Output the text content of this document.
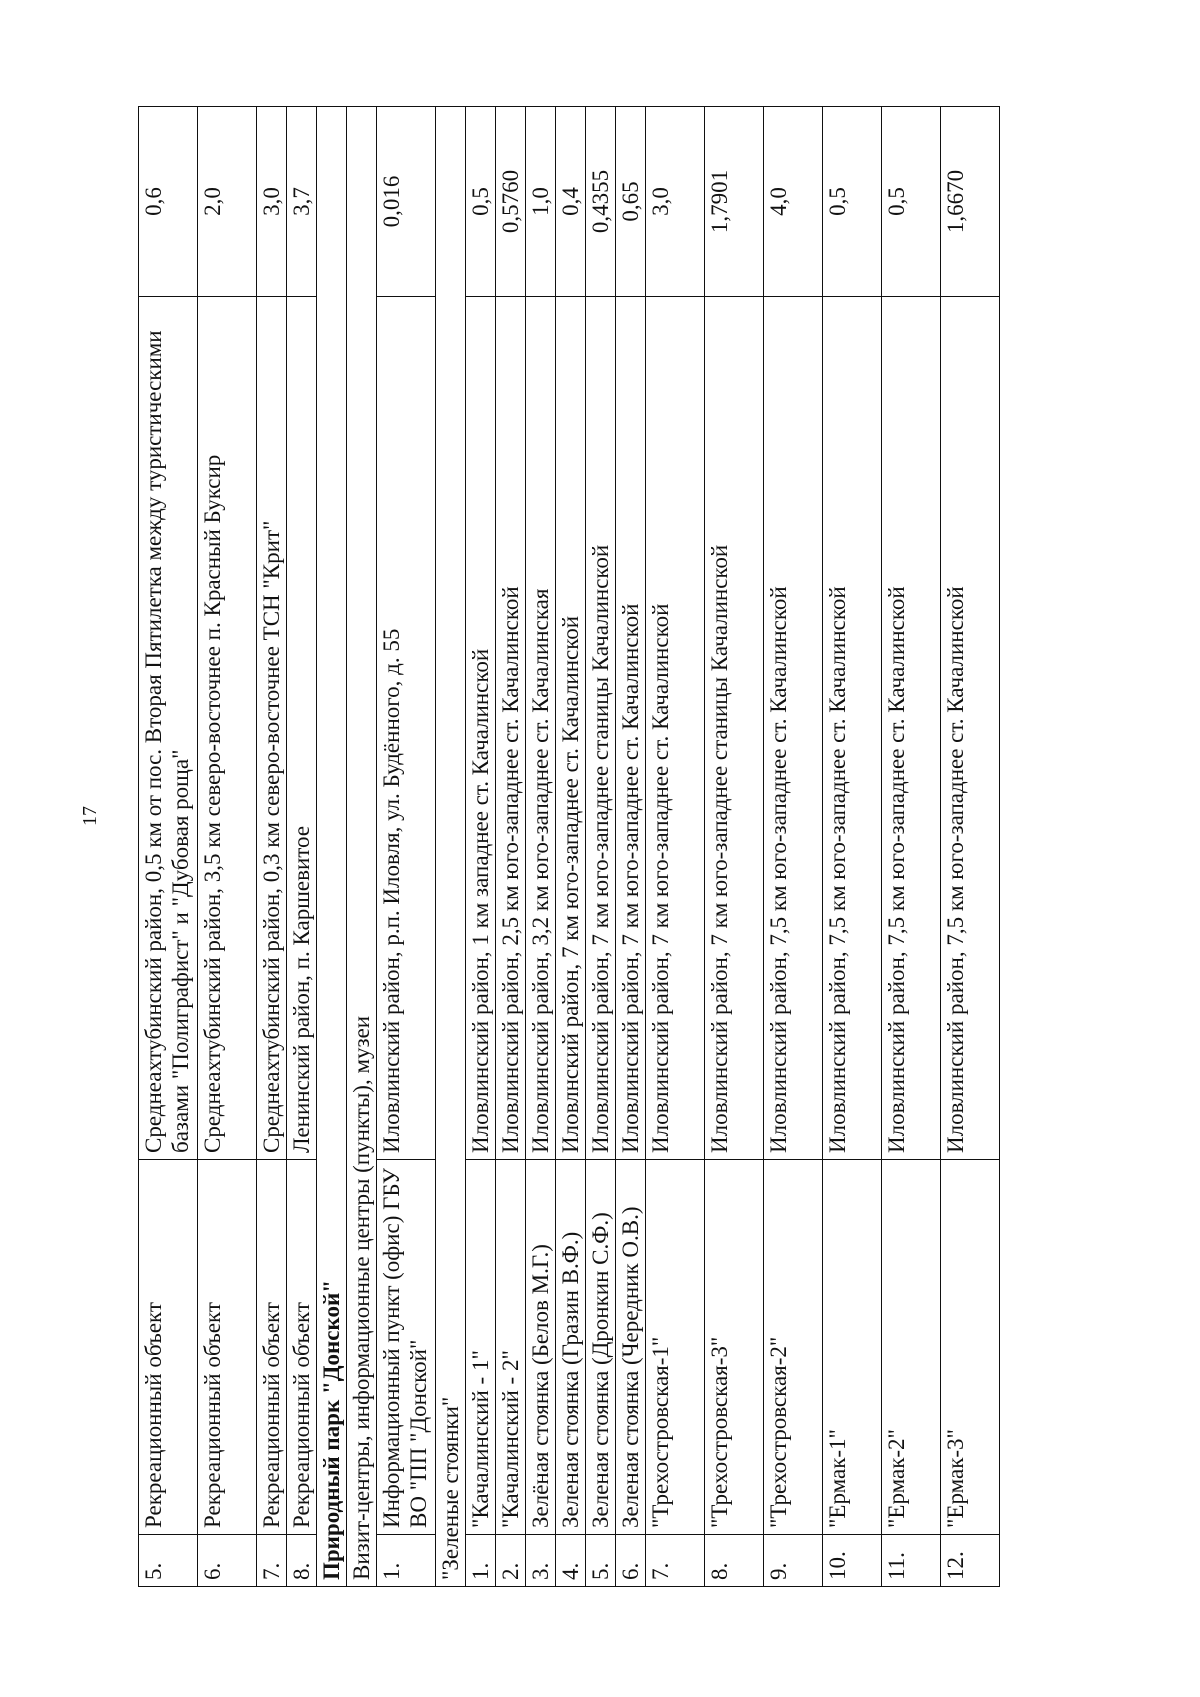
17
5.	Рекреационный объект	Среднеахтубинский район, 0,5 км от пос. Вторая Пятилетка между туристическими базами "Полиграфист" и "Дубовая роща"	0,6
6.	Рекреационный объект	Среднеахтубинский район, 3,5 км северо-восточнее п. Красный Буксир	2,0
7.	Рекреационный объект	Среднеахтубинский район, 0,3 км северо-восточнее ТСН "Крит"	3,0
8.	Рекреационный объект	Ленинский район, п. Каршевитое	3,7
Природный парк "Донской"			
Визит-центры, информационные центры (пункты), музеи			
1.	Информационный пункт (офис) ГБУ ВО "ПП "Донской"	Иловлинский район, р.п. Иловля, ул. Будённого, д. 55	0,016
"Зеленые стоянки"			
1.	"Качалинский - 1"	Иловлинский район, 1 км западнее ст. Качалинской	0,5
2.	"Качалинский - 2"	Иловлинский район, 2,5 км юго-западнее ст. Качалинской	0,5760
3.	Зелёная стоянка (Белов М.Г.)	Иловлинский район, 3,2 км юго-западнее ст. Качалинская	1,0
4.	Зеленая стоянка (Гразин В.Ф.)	Иловлнский район, 7 км юго-западнее ст. Качалинской	0,4
5.	Зеленая стоянка (Дронкин С.Ф.)	Иловлинский район, 7 км юго-западнее станицы Качалинской	0,4355
6.	Зеленая стоянка (Чередник О.В.)	Иловлинский район, 7 км юго-западнее ст. Качалинской	0,65
7.	"Трехостровская-1"	Иловлинский район, 7 км юго-западнее ст. Качалинской	3,0
8.	"Трехостровская-3"	Иловлинский район, 7 км юго-западнее станицы Качалинской	1,7901
9.	"Трехостровская-2"	Иловлинский район, 7,5 км юго-западнее ст. Качалинской	4,0
10.	"Ермак-1"	Иловлинский район, 7,5 км юго-западнее ст. Качалинской	0,5
11.	"Ермак-2"	Иловлинский район, 7,5 км юго-западнее ст. Качалинской	0,5
12.	"Ермак-3"	Иловлинский район, 7,5 км юго-западнее ст. Качалинской	1,6670
